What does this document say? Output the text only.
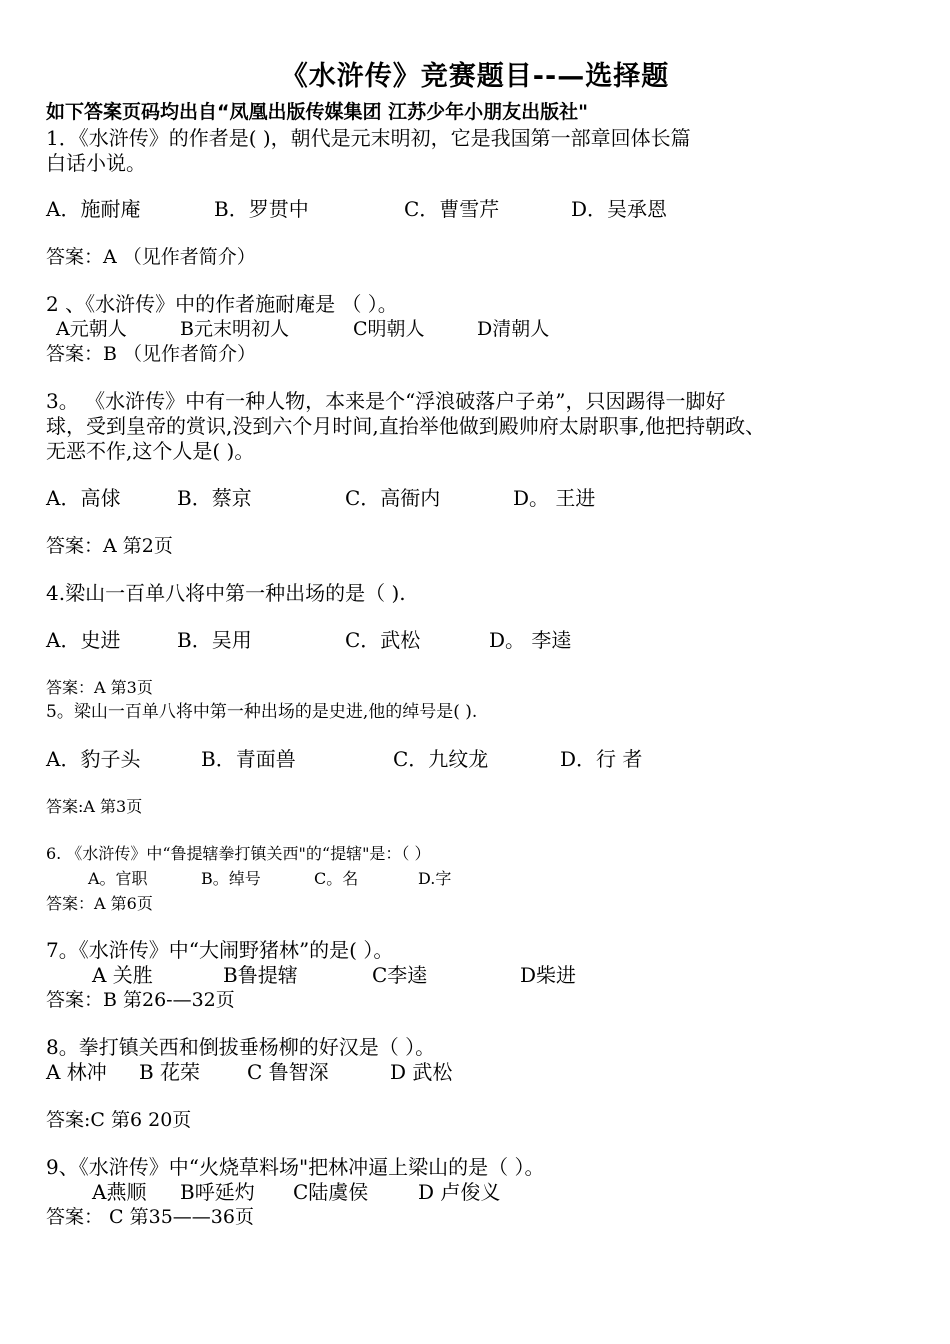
《水浒传》竞赛题目--—选择题
如下答案页码均出自“凤凰出版传媒集团 江苏少年小朋友出版社"
1．《水浒传》的作者是( )，朝代是元末明初，它是我国第一部章回体长篇
白话小说。
A．施耐庵	B．罗贯中	C．曹雪芹	D．吴承恩
答案：A （见作者简介）
2 、《水浒传》中的作者施耐庵是 （ ）。
A元朝人	B元末明初人	C明朝人	D清朝人
答案：B （见作者简介）
3。 《水浒传》中有一种人物，本来是个“浮浪破落户子弟”，只因踢得一脚好
球，受到皇帝的赏识,没到六个月时间,直抬举他做到殿帅府太尉职事,他把持朝政、
无恶不作,这个人是( )。
A．高俅	B．蔡京	C．高衙内	D。 王进
答案：A 第2页
4.梁山一百单八将中第一种出场的是（ ).
A．史进	B．吴用	C．武松	D。 李逵
答案：A 第3页
5。梁山一百单八将中第一种出场的是史进,他的绰号是( ).
A．豹子头	B．青面兽	C．九纹龙	D．行 者
答案:A 第3页
6. 《水浒传》中“鲁提辖拳打镇关西"的“提辖"是：（ ）
A。官职	B。绰号	C。名	D.字
答案：A 第6页
7。《水浒传》中“大闹野猪林”的是( ）。
A 关胜	B鲁提辖	C李逵	D柴进
答案：B 第26-—32页
8。拳打镇关西和倒拔垂杨柳的好汉是（ ）。
A 林冲 B 花荣 C 鲁智深	D 武松
答案:C 第6 20页
9、《水浒传》中“火烧草料场"把林冲逼上梁山的是（ ）。
A燕顺 B呼延灼 C陆虞侯 D 卢俊义
答案： C 第35——36页
